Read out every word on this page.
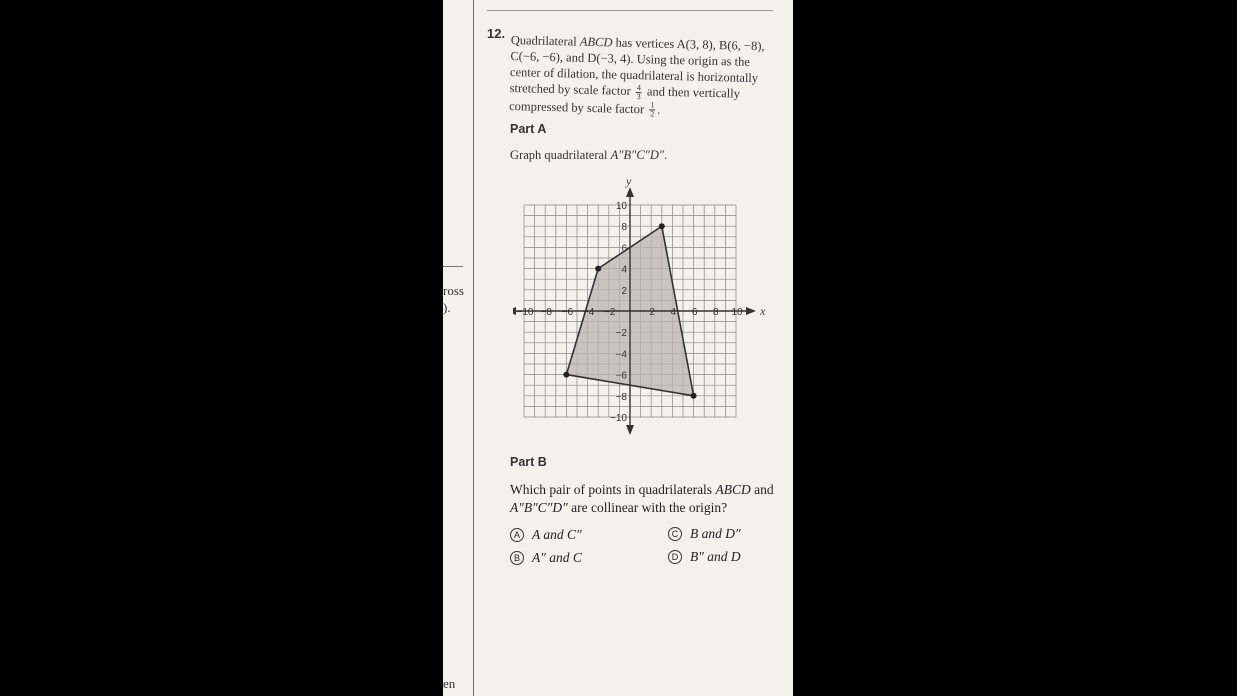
ross
).
en
12. Quadrilateral ABCD has vertices A(3, 8), B(6, −8), C(−6, −6), and D(−3, 4). Using the origin as the center of dilation, the quadrilateral is horizontally stretched by scale factor $\frac{4}{3}$ and then vertically compressed by scale factor $\frac{1}{2}$ .
Part A
Graph quadrilateral A″B″C″D″.
−10
10
−8
8
−6
6
−4
4
−2
2
2
−2
4
−4
6
−6
8
−8
10
−10
x
y
Part B
Which pair of points in quadrilaterals ABCD and A″B″C″D″ are collinear with the origin?
A A and C″
B A″ and C
C B and D″
D B″ and D
